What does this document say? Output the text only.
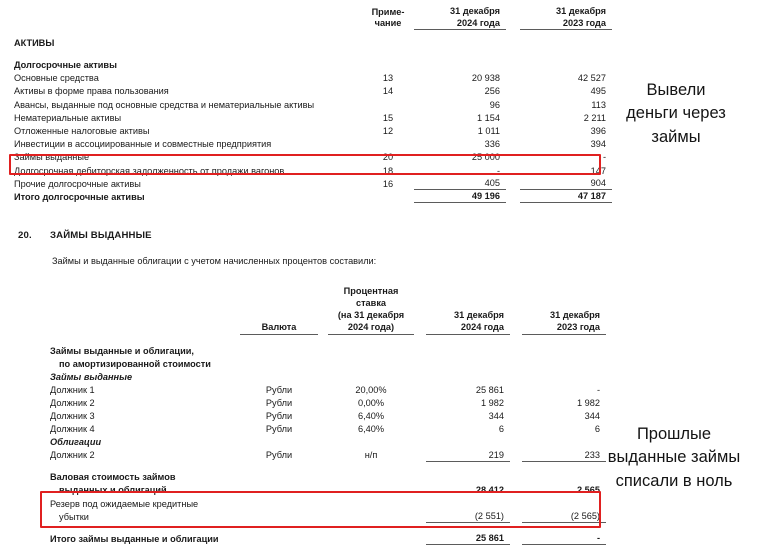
Приме-
чание

31 декабря
2024 года

31 декабря
2023 года

АКТИВЫ				

Долгосрочные активы				
Основные средства	13	20 938		42 527
Активы в форме права пользования	14	256		495
Авансы, выданные под основные средства и нематериальные активы		96		113
Нематериальные активы	15	1 154		2 211
Отложенные налоговые активы	12	1 011		396
Инвестиции в ассоциированные и совместные предприятия		336		394
Займы выданные	20	25 000		-
Долгосрочная дебиторская задолженность от продажи вагонов	18	-		147
Прочие долгосрочные активы	16	405		904
Итого долгосрочные активы		49 196		47 187
20. ЗАЙМЫ ВЫДАННЫЕ
Займы и выданные облигации с учетом начисленных процентов составили:

Валюта

Процентная
ставка
(на 31 декабря
2024 года)

31 декабря
2024 года

31 декабря
2023 года

Займы выданные и облигации,							
по амортизированной стоимости							
Займы выданные							
Должник 1	Рубли		20,00%		25 861		-
Должник 2	Рубли		0,00%		1 982		1 982
Должник 3	Рубли		6,40%		344		344
Должник 4	Рубли		6,40%		6		6
Облигации							
Должник 2	Рубли		н/п		219		233

Валовая стоимость займов							
выданных и облигаций					28 412		2 565
Резерв под ожидаемые кредитные							
убытки					(2 551)		(2 565)

Итого займы выданные и облигации					25 861		-
Вывели
деньги через
займы
Прошлые
выданные займы
списали в ноль
